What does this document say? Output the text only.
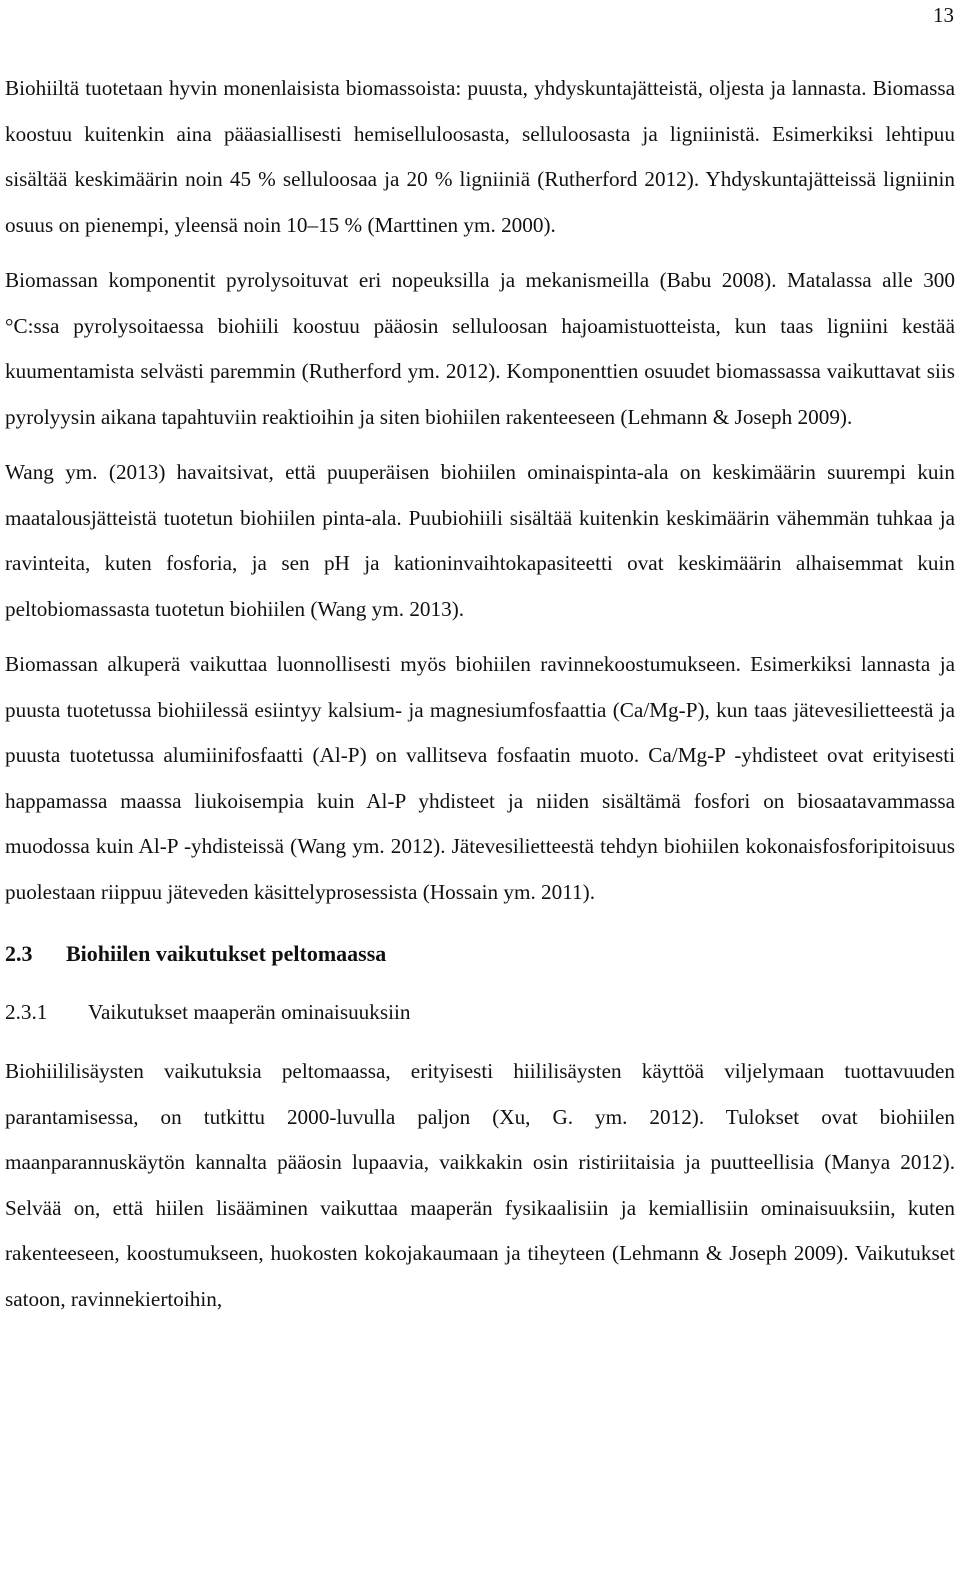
13

Biohiiltä tuotetaan hyvin monenlaisista biomassoista: puusta, yhdyskuntajätteistä, oljesta ja lannasta. Biomassa koostuu kuitenkin aina pääasiallisesti hemiselluloosasta, selluloosasta ja ligniinistä. Esimerkiksi lehtipuu sisältää keskimäärin noin 45 % selluloosaa ja 20 % ligniiniä (Rutherford 2012). Yhdyskuntajätteissä ligniinin osuus on pienempi, yleensä noin 10–15 % (Marttinen ym. 2000).

Biomassan komponentit pyrolysoituvat eri nopeuksilla ja mekanismeilla (Babu 2008). Matalassa alle 300 °C:ssa pyrolysoitaessa biohiili koostuu pääosin selluloosan hajoamistuotteista, kun taas ligniini kestää kuumentamista selvästi paremmin (Rutherford ym. 2012). Komponenttien osuudet biomassassa vaikuttavat siis pyrolyysin aikana tapahtuviin reaktioihin ja siten biohiilen rakenteeseen (Lehmann & Joseph 2009).

Wang ym. (2013) havaitsivat, että puuperäisen biohiilen ominaispinta-ala on keskimäärin suurempi kuin maatalousjätteistä tuotetun biohiilen pinta-ala. Puubiohiili sisältää kuitenkin keskimäärin vähemmän tuhkaa ja ravinteita, kuten fosforia, ja sen pH ja kationinvaihtokapasiteetti ovat keskimäärin alhaisemmat kuin peltobiomassasta tuotetun biohiilen (Wang ym. 2013).

Biomassan alkuperä vaikuttaa luonnollisesti myös biohiilen ravinnekoostumukseen. Esimerkiksi lannasta ja puusta tuotetussa biohiilessä esiintyy kalsium- ja magnesiumfosfaattia (Ca/Mg-P), kun taas jätevesilietteestä ja puusta tuotetussa alumiinifosfaatti (Al-P) on vallitseva fosfaatin muoto. Ca/Mg-P -yhdisteet ovat erityisesti happamassa maassa liukoisempia kuin Al-P yhdisteet ja niiden sisältämä fosfori on biosaatavammassa muodossa kuin Al-P -yhdisteissä (Wang ym. 2012). Jätevesilietteestä tehdyn biohiilen kokonaisfosforipitoisuus puolestaan riippuu jäteveden käsittelyprosessista (Hossain ym. 2011).

2.3 Biohiilen vaikutukset peltomaassa
2.3.1 Vaikutukset maaperän ominaisuuksiin

Biohiililisäysten vaikutuksia peltomaassa, erityisesti hiililisäysten käyttöä viljelymaan tuottavuuden parantamisessa, on tutkittu 2000-luvulla paljon (Xu, G. ym. 2012). Tulokset ovat biohiilen maanparannuskäytön kannalta pääosin lupaavia, vaikkakin osin ristiriitaisia ja puutteellisia (Manya 2012). Selvää on, että hiilen lisääminen vaikuttaa maaperän fysikaalisiin ja kemiallisiin ominaisuuksiin, kuten rakenteeseen, koostumukseen, huokosten kokojakaumaan ja tiheyteen (Lehmann & Joseph 2009). Vaikutukset satoon, ravinnekiertoihin,
